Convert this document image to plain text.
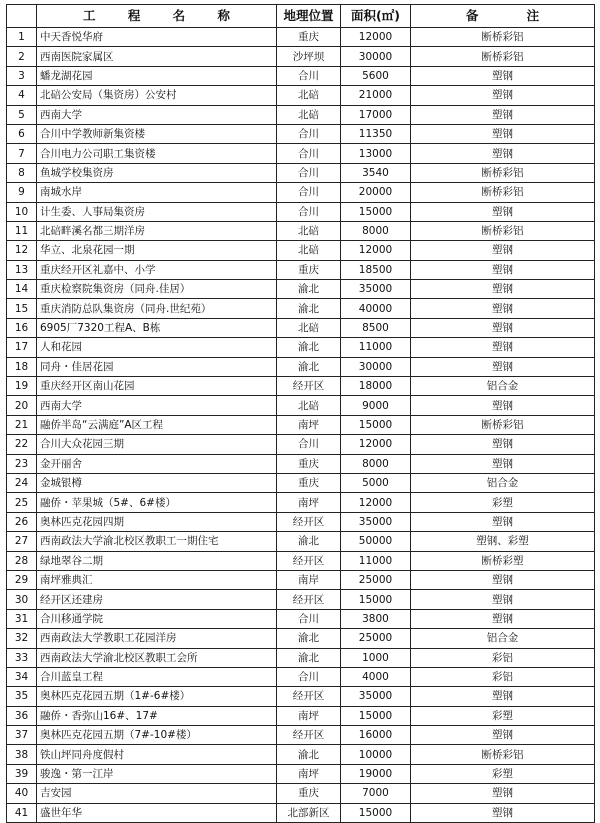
	工 程 名 称	地理位置	面积(㎡)	备 注
1	中天香悦华府	重庆	12000	断桥彩铝
2	西南医院家属区	沙坪坝	30000	断桥彩铝
3	蟠龙湖花园	合川	5600	塑钢
4	北碚公安局（集资房）公安村	北碚	21000	塑钢
5	西南大学	北碚	17000	塑钢
6	合川中学教师新集资楼	合川	11350	塑钢
7	合川电力公司职工集资楼	合川	13000	塑钢
8	鱼城学校集资房	合川	3540	断桥彩铝
9	南城水岸	合川	20000	断桥彩铝
10	计生委、人事局集资房	合川	15000	塑钢
11	北碚畔溪名都三期洋房	北碚	8000	断桥彩铝
12	华立、北泉花园一期	北碚	12000	塑钢
13	重庆经开区礼嘉中、小学	重庆	18500	塑钢
14	重庆检察院集资房（同舟.佳居）	渝北	35000	塑钢
15	重庆消防总队集资房（同舟.世纪苑）	渝北	40000	塑钢
16	6905厂7320工程A、B栋	北碚	8500	塑钢
17	人和花园	渝北	11000	塑钢
18	同舟・佳居花园	渝北	30000	塑钢
19	重庆经开区南山花园	经开区	18000	铝合金
20	西南大学	北碚	9000	塑钢
21	融侨半岛“云满庭”A区工程	南坪	15000	断桥彩铝
22	合川大众花园三期	合川	12000	塑钢
23	金开丽舍	重庆	8000	塑钢
24	金城银樽	重庆	5000	铝合金
25	融侨・苹果城（5#、6#楼）	南坪	12000	彩塑
26	奥林匹克花园四期	经开区	35000	塑钢
27	西南政法大学渝北校区教职工一期住宅	渝北	50000	塑钢、彩塑
28	绿地翠谷二期	经开区	11000	断桥彩塑
29	南坪雅典汇	南岸	25000	塑钢
30	经开区还建房	经开区	15000	塑钢
31	合川移通学院	合川	3800	塑钢
32	西南政法大学教职工花园洋房	渝北	25000	铝合金
33	西南政法大学渝北校区教职工会所	渝北	1000	彩铝
34	合川蓝皇工程	合川	4000	彩铝
35	奥林匹克花园五期（1#-6#楼）	经开区	35000	塑钢
36	融侨・香弥山16#、17#	南坪	15000	彩塑
37	奥林匹克花园五期（7#-10#楼）	经开区	16000	塑钢
38	铁山坪同舟度假村	渝北	10000	断桥彩铝
39	骏逸・第一江岸	南坪	19000	彩塑
40	吉安园	重庆	7000	塑钢
41	盛世年华	北部新区	15000	塑钢
